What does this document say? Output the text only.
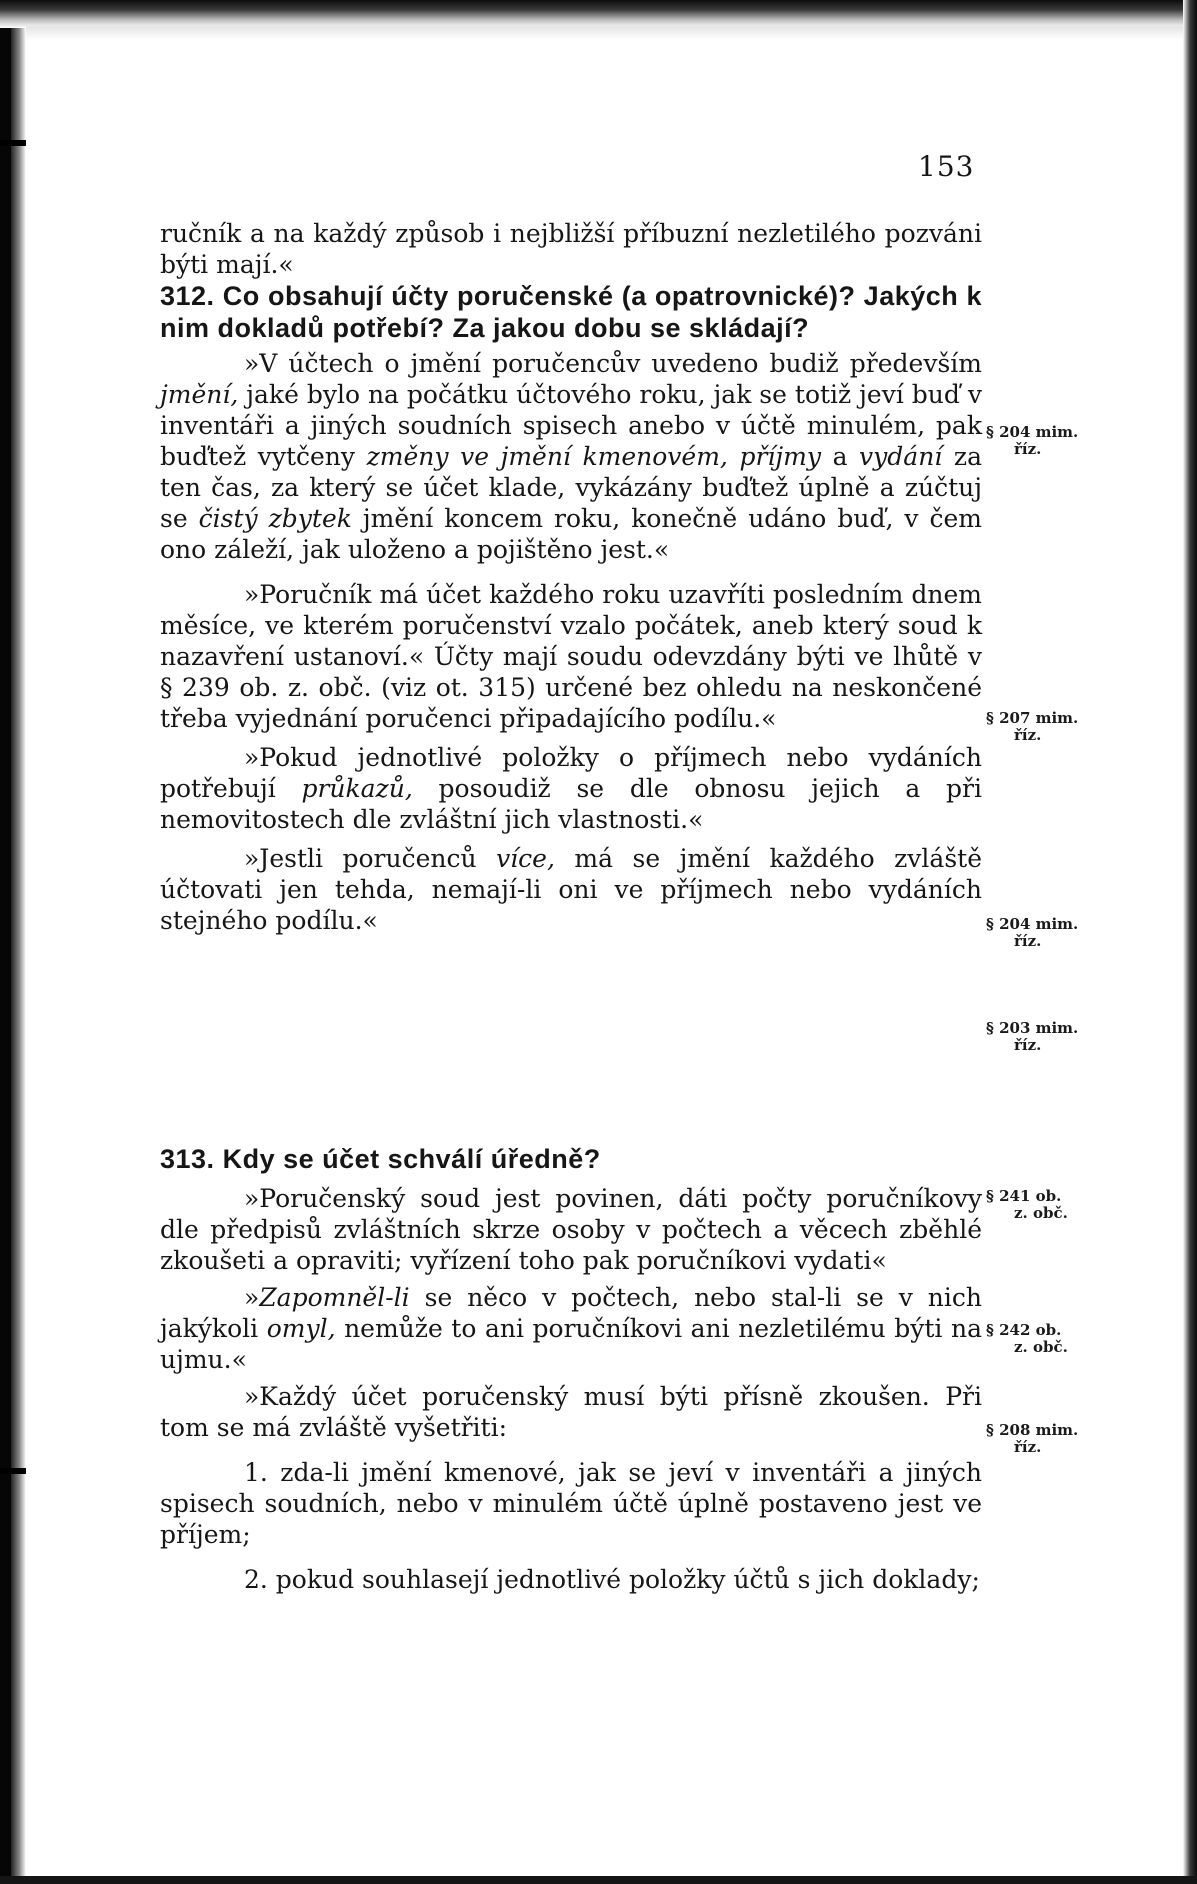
153

ručník a na každý způsob i nejbližší příbuzní nezletilého pozváni býti mají.«

312. Co obsahují účty poručenské (a opatrovnické)? Jakých k nim dokladů potřebí? Za jakou dobu se skládají?

»V účtech o jmění poručencův uvedeno budiž především jmění, jaké bylo na počátku účtového roku, jak se totiž jeví buď v inventáři a jiných soudních spisech anebo v účtě minulém, pak buďtež vytčeny změny ve jmění kmenovém, příjmy a vydání za ten čas, za který se účet klade, vykázány buďtež úplně a zúčtuj se čistý zbytek jmění koncem roku, konečně udáno buď, v čem ono záleží, jak uloženo a pojištěno jest.«

»Poručník má účet každého roku uzavříti posledním dnem měsíce, ve kterém poručenství vzalo počátek, aneb který soud k nazavření ustanoví.« Účty mají soudu odevzdány býti ve lhůtě v § 239 ob. z. obč. (viz ot. 315) určené bez ohledu na neskončené třeba vyjednání poručenci připadajícího podílu.«

»Pokud jednotlivé položky o příjmech nebo vydáních potřebují průkazů, posoudiž se dle obnosu jejich a při nemovitostech dle zvláštní jich vlastnosti.«

»Jestli poručenců více, má se jmění každého zvláště účtovati jen tehda, nemají-li oni ve příjmech nebo vydáních stejného podílu.«

313. Kdy se účet schválí úředně?

»Poručenský soud jest povinen, dáti počty poručníkovy dle předpisů zvláštních skrze osoby v počtech a věcech zběhlé zkoušeti a opraviti; vyřízení toho pak poručníkovi vydati«

»Zapomněl-li se něco v počtech, nebo stal-li se v nich jakýkoli omyl, nemůže to ani poručníkovi ani nezletilému býti na ujmu.«

»Každý účet poručenský musí býti přísně zkoušen. Při tom se má zvláště vyšetřiti:

1. zda-li jmění kmenové, jak se jeví v inventáři a jiných spisech soudních, nebo v minulém účtě úplně postaveno jest ve příjem;

2. pokud souhlasejí jednotlivé položky účtů s jich doklady;

§ 204 mim.
říz.
§ 207 mim.
říz.
§ 204 mim.
říz.
§ 203 mim.
říz.
§ 241 ob.
z. obč.
§ 242 ob.
z. obč.
§ 208 mim.
říz.
